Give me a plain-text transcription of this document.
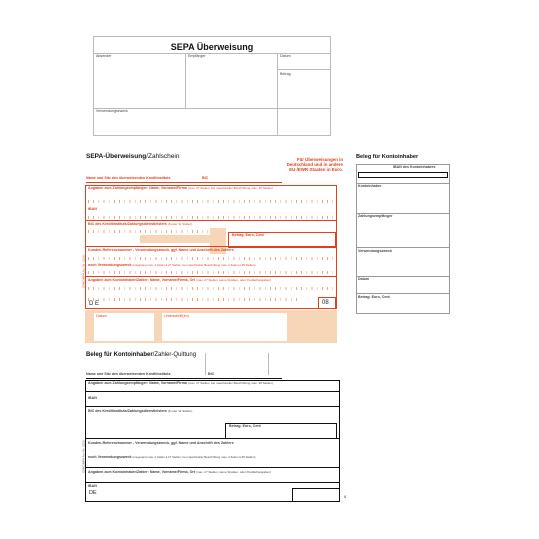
SEPA Überweisung
Absender	Empfänger	Datum
Betrag
Verwendungszweck
SEPA-Überweisung/Zahlschein	Für Überweisungen in Deutschland und in andere EU-/EWR-Staaten in Euro.
Name und Sitz des überweisenden Kreditinstituts	BIC
Angaben zum Zahlungsempfänger: Name, Vorname/Firma (max. 27 Stellen, bei maschineller Beschriftung max. 35 Stellen)
IBAN
BIC des Kreditinstituts/Zahlungsdienstleisters (8 oder 11 Stellen)
Betrag: Euro, Cent
Kunden-Referenznummer - Verwendungszweck, ggf. Name und Anschrift des Zahlers
noch Verwendungszweck (insgesamt max. 2 Zeilen à 27 Stellen, bei maschineller Beschriftung max. 2 Zeilen à 35 Stellen)
Angaben zum Kontoinhaber/Zahler: Name, Vorname/Firma, Ort (max. 27 Stellen, keine Straßen- oder Postfachangaben)
D E	08
Datum	Unterschrift(en)
ENKOMPA Art.-Nr. 2226
Beleg für Kontoinhaber
IBAN des Kontoinhabers
Kontoinhaber
Zahlungsempfänger
Verwendungszweck
Datum
Betrag: Euro, Cent
Beleg für Kontoinhaber/Zahler-Quittung
Name und Sitz des überweisenden Kreditinstituts	BIC
Angaben zum Zahlungsempfänger: Name, Vorname/Firma (max. 27 Stellen, bei maschineller Beschriftung max. 35 Stellen)
IBAN
BIC des Kreditinstituts/Zahlungsdienstleisters (8 oder 11 Stellen)
Betrag: Euro, Cent
Kunden-Referenznummer - Verwendungszweck, ggf. Name und Anschrift des Zahlers
noch Verwendungszweck (insgesamt max. 2 Zeilen à 27 Stellen, bei maschineller Beschriftung max. 2 Zeilen à 35 Stellen)
Angaben zum Kontoinhaber/Zahler: Name, Vorname/Firma, Ort (max. 27 Stellen, keine Straßen- oder Postfachangaben)
IBAN
DE
8
ENKOMPA Art.-Nr. 2226
